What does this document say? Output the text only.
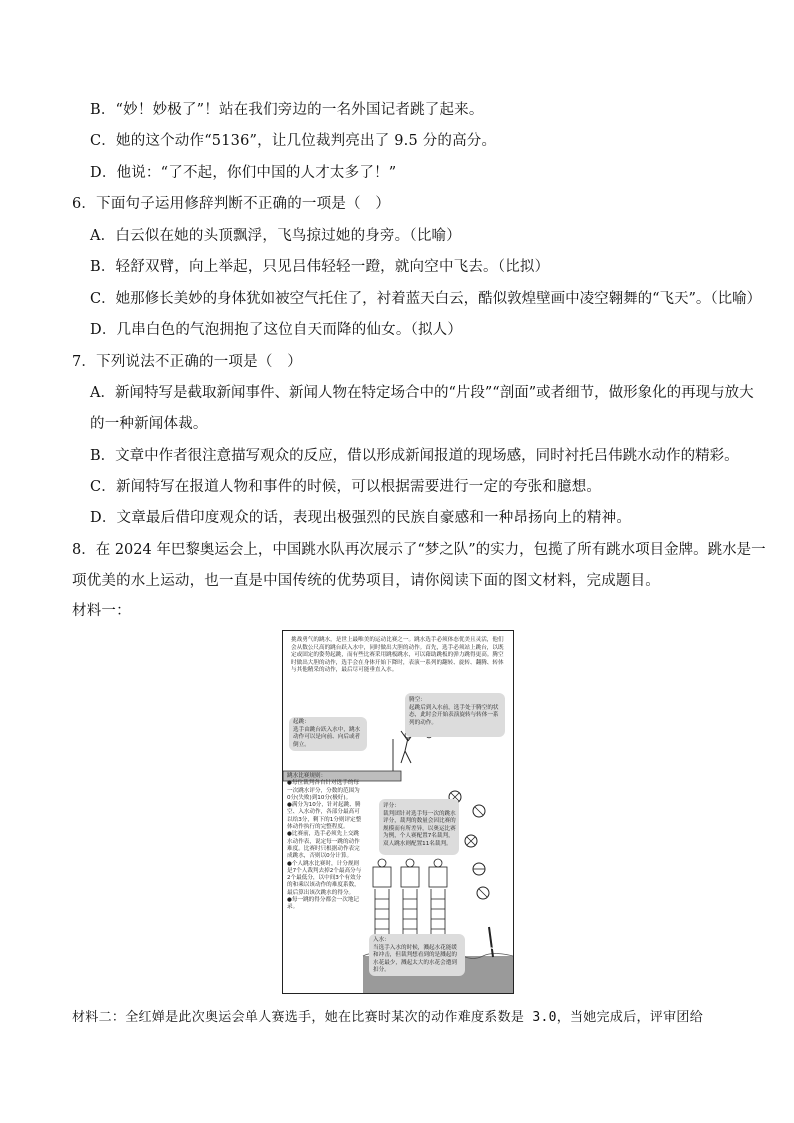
B．“妙！妙极了”！站在我们旁边的一名外国记者跳了起来。
C．她的这个动作“5136”，让几位裁判亮出了 9.5 分的高分。
D．他说：“了不起，你们中国的人才太多了！”
6．下面句子运用修辞判断不正确的一项是（　）
A．白云似在她的头顶飘浮，飞鸟掠过她的身旁。（比喻）
B．轻舒双臂，向上举起，只见吕伟轻轻一蹬，就向空中飞去。（比拟）
C．她那修长美妙的身体犹如被空气托住了，衬着蓝天白云，酷似敦煌壁画中凌空翱舞的“飞天”。（比喻）
D．几串白色的气泡拥抱了这位自天而降的仙女。（拟人）
7．下列说法不正确的一项是（　）
A．新闻特写是截取新闻事件、新闻人物在特定场合中的“片段”“剖面”或者细节，做形象化的再现与放大
的一种新闻体裁。
B．文章中作者很注意描写观众的反应，借以形成新闻报道的现场感，同时衬托吕伟跳水动作的精彩。
C．新闻特写在报道人物和事件的时候，可以根据需要进行一定的夸张和臆想。
D．文章最后借印度观众的话，表现出极强烈的民族自豪感和一种昂扬向上的精神。
8．在 2024 年巴黎奥运会上，中国跳水队再次展示了“梦之队”的实力，包揽了所有跳水项目金牌。跳水是一
项优美的水上运动，也一直是中国传统的优势项目，请你阅读下面的图文材料，完成题目。
材料一：
挑战勇气的跳水，是世上最唯美的运动比赛之一。跳水选手必须体态优美且灵活，他们会从数公尺高的跳台跃入水中，同时做出大胆的动作。首先，选手必须站上跳台，以既定或固定的姿势起跳，而有些比赛采用跳板跳水，可以藉助跳板的弹力跳得更高。腾空时做出大胆的动作，选手会在身体开始下降时，表演一系列的翻转、旋转、翻腾、转体与其他精采的动作，最后尽可能垂直入水。
腾空：
起跳后到入水前，选手处于腾空的状态，此时会开始表演旋转与转体一系列的动作。
起跳：
选手由跳台跃入水中，跳水动作可以是向前、向后或者倒立。
跳水比赛规则：
●每位裁判各自针对选手的每一次跳水评分，分数的范围为0分(失败)到10分(极好)。
●满分为10分，针对起跳、腾空、入水动作，各部分最高可以给3分，剩下的1分则评定整体动作执行的完整程度。
●比赛前，选手必须先上交跳水动作表，说定每一跳的动作难度。比赛时只根据动作表完成跳水，否则以0分计算。
●个人跳水比赛时，计分规则是7个人裁判去掉2个最高分与2个最低分，以中间3个有效分的和乘以该动作的难度系数，最后算出该次跳水的得分。
●每一跳的得分都会一次地记录。
评分：
裁判团针对选手每一次的跳水评分，裁判的数量会因比赛的规模而有所差异，以奥运比赛为例，个人赛配置7名裁判，双人跳水则配置11名裁判。
入水：
当选手入水的时候，溅起水花能缓和冲击，但裁判想看到的是溅起的水花最少，溅起太大的水花会遭到扣分。
材料二：全红婵是此次奥运会单人赛选手，她在比赛时某次的动作难度系数是 3.0，当她完成后，评审团给
